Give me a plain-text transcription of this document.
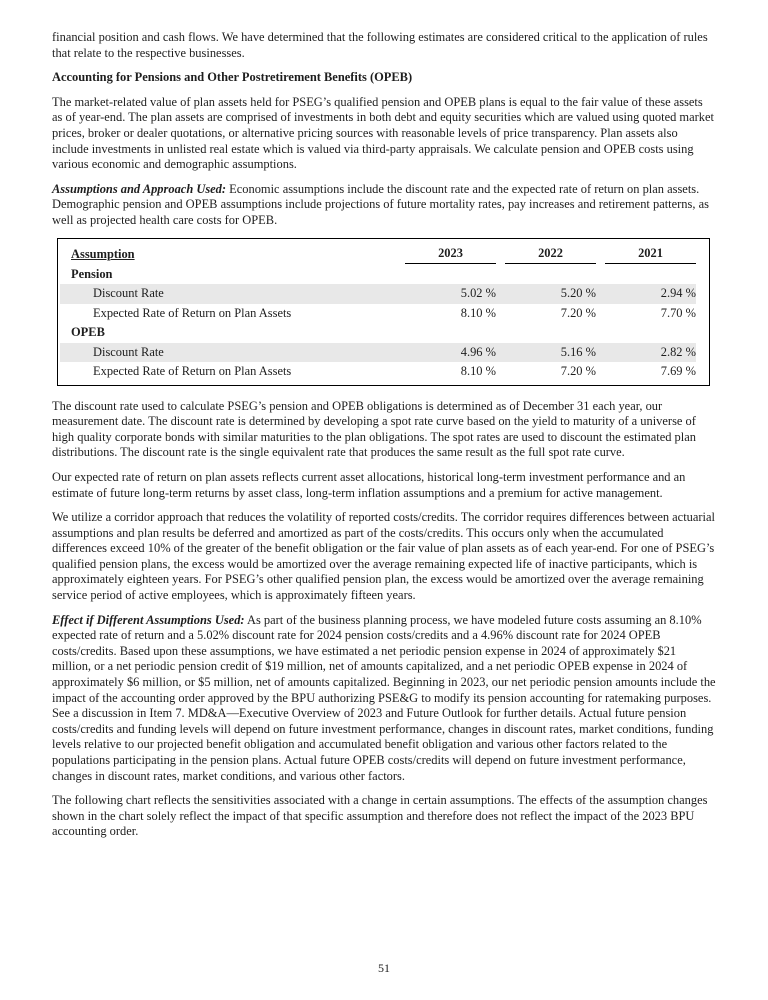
financial position and cash flows. We have determined that the following estimates are considered critical to the application of rules that relate to the respective businesses.

Accounting for Pensions and Other Postretirement Benefits (OPEB)

The market-related value of plan assets held for PSEG’s qualified pension and OPEB plans is equal to the fair value of these assets as of year-end. The plan assets are comprised of investments in both debt and equity securities which are valued using quoted market prices, broker or dealer quotations, or alternative pricing sources with reasonable levels of price transparency. Plan assets also include investments in unlisted real estate which is valued via third-party appraisals. We calculate pension and OPEB costs using various economic and demographic assumptions.

Assumptions and Approach Used: Economic assumptions include the discount rate and the expected rate of return on plan assets. Demographic pension and OPEB assumptions include projections of future mortality rates, pay increases and retirement patterns, as well as projected health care costs for OPEB.

Assumption	2023	2022	2021
Pension
Discount Rate	5.02 %	5.20 %	2.94 %
Expected Rate of Return on Plan Assets	8.10 %	7.20 %	7.70 %
OPEB
Discount Rate	4.96 %	5.16 %	2.82 %
Expected Rate of Return on Plan Assets	8.10 %	7.20 %	7.69 %

The discount rate used to calculate PSEG’s pension and OPEB obligations is determined as of December 31 each year, our measurement date. The discount rate is determined by developing a spot rate curve based on the yield to maturity of a universe of high quality corporate bonds with similar maturities to the plan obligations. The spot rates are used to discount the estimated plan distributions. The discount rate is the single equivalent rate that produces the same result as the full spot rate curve.

Our expected rate of return on plan assets reflects current asset allocations, historical long-term investment performance and an estimate of future long-term returns by asset class, long-term inflation assumptions and a premium for active management.

We utilize a corridor approach that reduces the volatility of reported costs/credits. The corridor requires differences between actuarial assumptions and plan results be deferred and amortized as part of the costs/credits. This occurs only when the accumulated differences exceed 10% of the greater of the benefit obligation or the fair value of plan assets as of each year-end. For one of PSEG’s qualified pension plans, the excess would be amortized over the average remaining expected life of inactive participants, which is approximately eighteen years. For PSEG’s other qualified pension plan, the excess would be amortized over the average remaining service period of active employees, which is approximately fifteen years.

Effect if Different Assumptions Used: As part of the business planning process, we have modeled future costs assuming an 8.10% expected rate of return and a 5.02% discount rate for 2024 pension costs/credits and a 4.96% discount rate for 2024 OPEB costs/credits. Based upon these assumptions, we have estimated a net periodic pension expense in 2024 of approximately $21 million, or a net periodic pension credit of $19 million, net of amounts capitalized, and a net periodic OPEB expense in 2024 of approximately $6 million, or $5 million, net of amounts capitalized. Beginning in 2023, our net periodic pension amounts include the impact of the accounting order approved by the BPU authorizing PSE&G to modify its pension accounting for ratemaking purposes. See a discussion in Item 7. MD&A—Executive Overview of 2023 and Future Outlook for further details. Actual future pension costs/credits and funding levels will depend on future investment performance, changes in discount rates, market conditions, funding levels relative to our projected benefit obligation and accumulated benefit obligation and various other factors related to the populations participating in the pension plans. Actual future OPEB costs/credits will depend on future investment performance, changes in discount rates, market conditions, and various other factors.

The following chart reflects the sensitivities associated with a change in certain assumptions. The effects of the assumption changes shown in the chart solely reflect the impact of that specific assumption and therefore does not reflect the impact of the 2023 BPU accounting order.

51
